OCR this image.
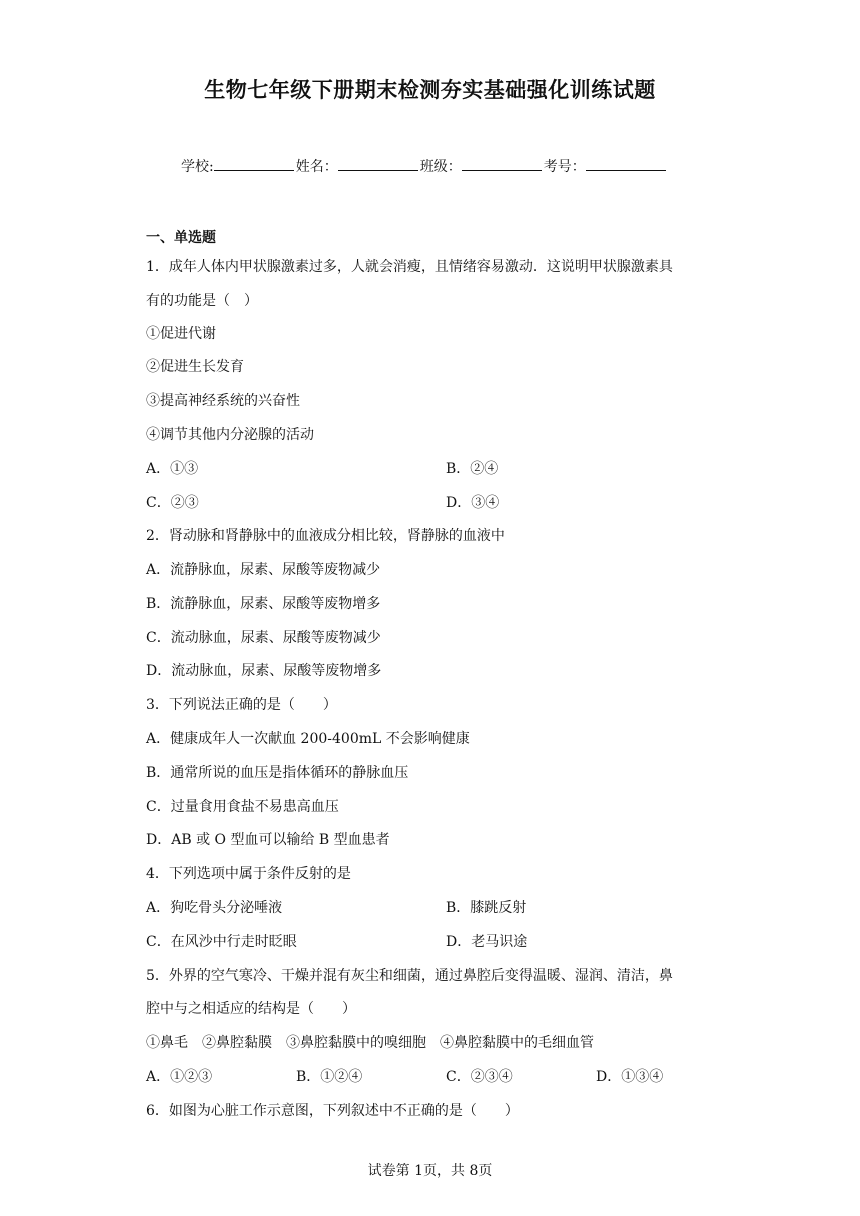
生物七年级下册期末检测夯实基础强化训练试题
学校:	姓名：	班级：	考号：
一、单选题
1．成年人体内甲状腺激素过多，人就会消瘦，且情绪容易激动．这说明甲状腺激素具
有的功能是（　）
①促进代谢
②促进生长发育
③提高神经系统的兴奋性
④调节其他内分泌腺的活动
A．①③	B．②④
C．②③	D．③④
2．肾动脉和肾静脉中的血液成分相比较，肾静脉的血液中
A．流静脉血，尿素、尿酸等废物减少
B．流静脉血，尿素、尿酸等废物增多
C．流动脉血，尿素、尿酸等废物减少
D．流动脉血，尿素、尿酸等废物增多
3．下列说法正确的是（　　）
A．健康成年人一次献血 200-400mL 不会影响健康
B．通常所说的血压是指体循环的静脉血压
C．过量食用食盐不易患高血压
D．AB 或 O 型血可以输给 B 型血患者
4．下列选项中属于条件反射的是
A．狗吃骨头分泌唾液	B．膝跳反射
C．在风沙中行走时眨眼	D．老马识途
5．外界的空气寒冷、干燥并混有灰尘和细菌，通过鼻腔后变得温暖、湿润、清洁，鼻
腔中与之相适应的结构是（　　）
①鼻毛　②鼻腔黏膜　③鼻腔黏膜中的嗅细胞　④鼻腔黏膜中的毛细血管
A．①②③	B．①②④	C．②③④	D．①③④
6．如图为心脏工作示意图，下列叙述中不正确的是（　　）
试卷第 1页，共 8页
